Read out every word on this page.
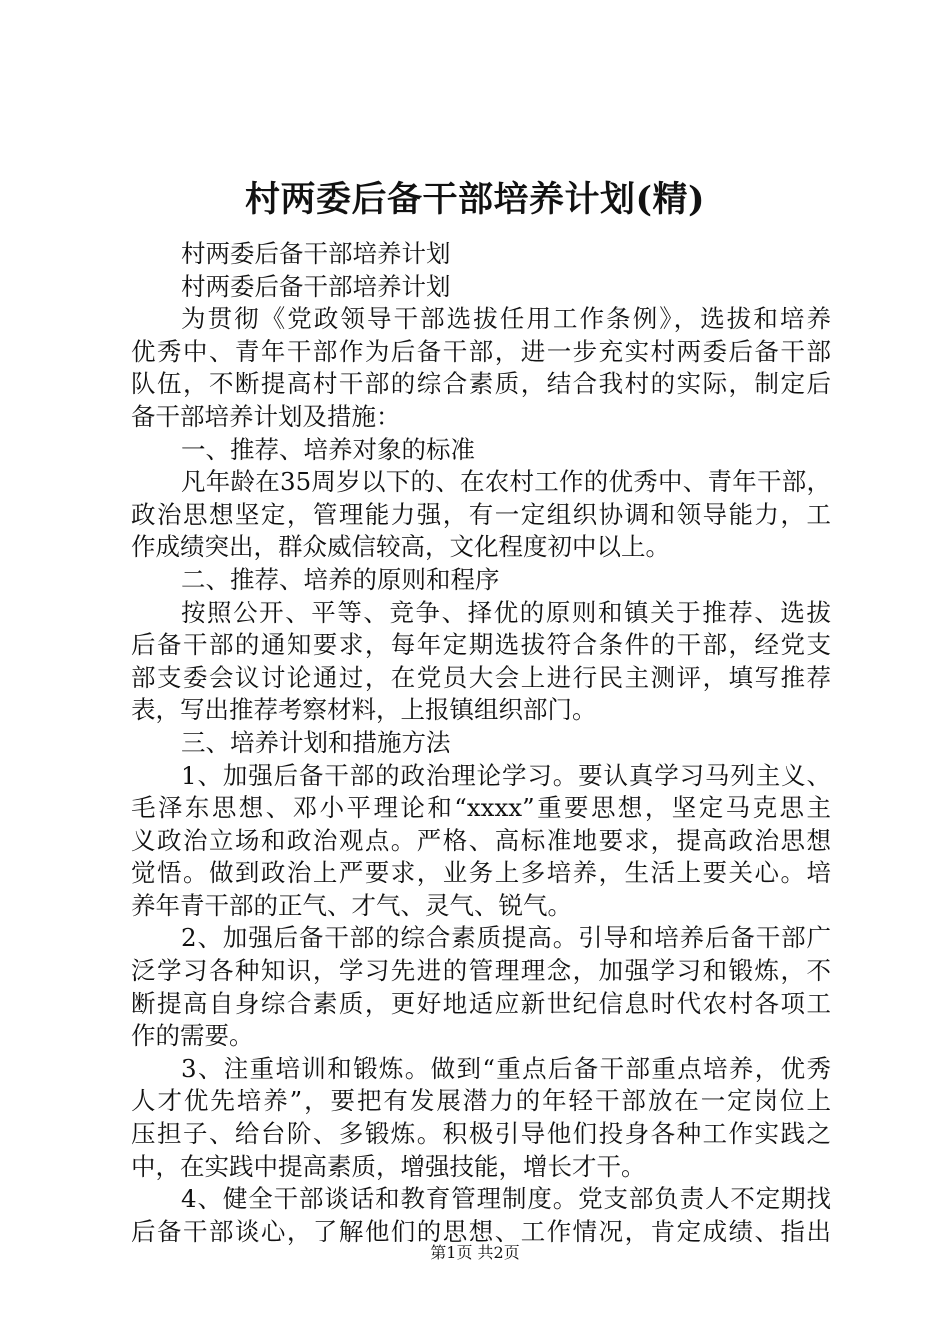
村两委后备干部培养计划(精)
村两委后备干部培养计划
村两委后备干部培养计划
为贯彻《党政领导干部选拔任用工作条例》，选拔和培养
优秀中、青年干部作为后备干部，进一步充实村两委后备干部
队伍，不断提高村干部的综合素质，结合我村的实际，制定后
备干部培养计划及措施：
一、推荐、培养对象的标准
凡年龄在35周岁以下的、在农村工作的优秀中、青年干部，
政治思想坚定，管理能力强，有一定组织协调和领导能力，工
作成绩突出，群众威信较高，文化程度初中以上。
二、推荐、培养的原则和程序
按照公开、平等、竞争、择优的原则和镇关于推荐、选拔
后备干部的通知要求，每年定期选拔符合条件的干部，经党支
部支委会议讨论通过，在党员大会上进行民主测评，填写推荐
表，写出推荐考察材料，上报镇组织部门。
三、培养计划和措施方法
1、加强后备干部的政治理论学习。要认真学习马列主义、
毛泽东思想、邓小平理论和“xxxx”重要思想，坚定马克思主
义政治立场和政治观点。严格、高标准地要求，提高政治思想
觉悟。做到政治上严要求，业务上多培养，生活上要关心。培
养年青干部的正气、才气、灵气、锐气。
2、加强后备干部的综合素质提高。引导和培养后备干部广
泛学习各种知识，学习先进的管理理念，加强学习和锻炼，不
断提高自身综合素质，更好地适应新世纪信息时代农村各项工
作的需要。
3、注重培训和锻炼。做到“重点后备干部重点培养，优秀
人才优先培养”，要把有发展潜力的年轻干部放在一定岗位上
压担子、给台阶、多锻炼。积极引导他们投身各种工作实践之
中，在实践中提高素质，增强技能，增长才干。
4、健全干部谈话和教育管理制度。党支部负责人不定期找
后备干部谈心，了解他们的思想、工作情况，肯定成绩、指出
第1页 共2页
